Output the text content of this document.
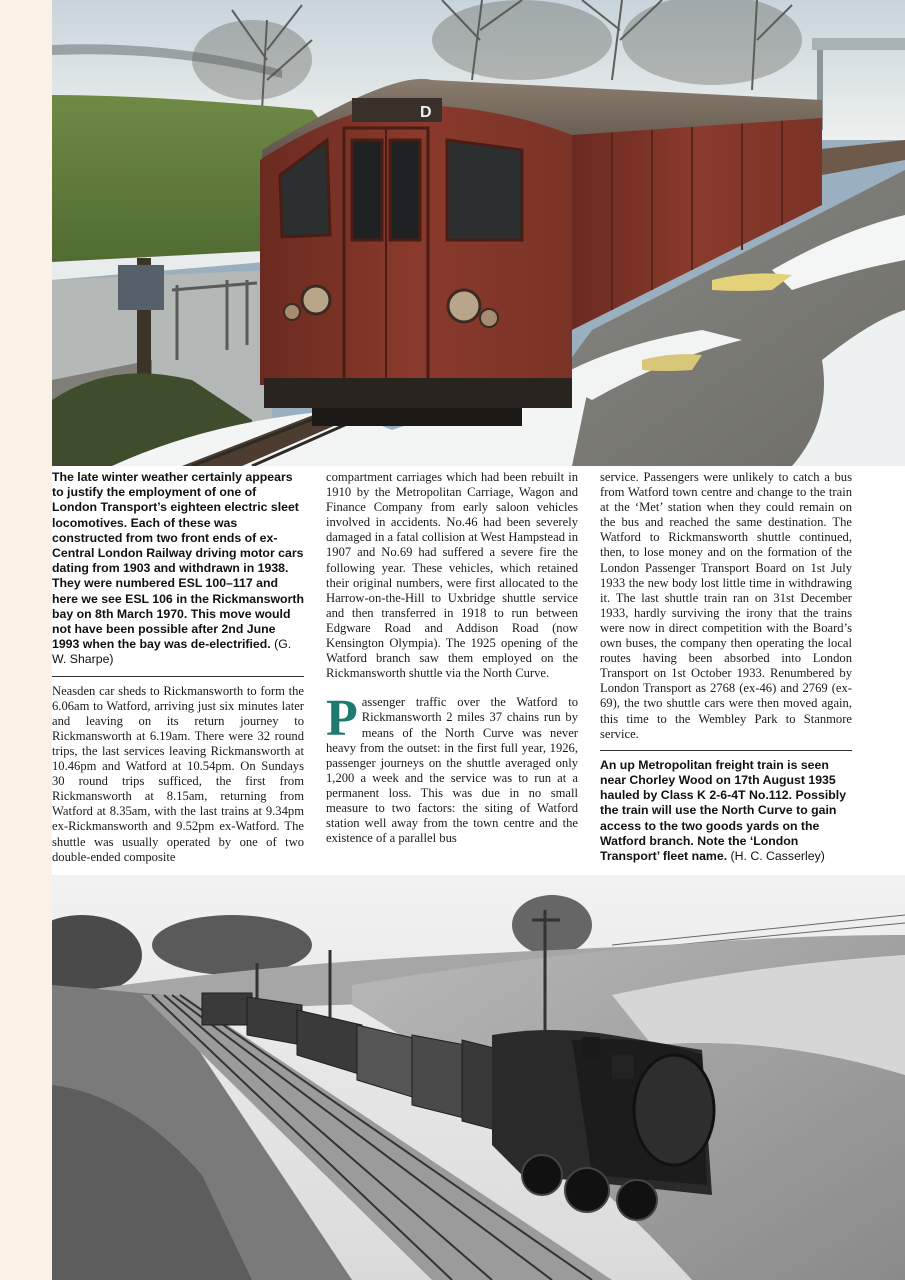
D

The late winter weather certainly appears to justify the employment of one of London Transport’s eighteen electric sleet locomotives. Each of these was constructed from two front ends of ex-Central London Railway driving motor cars dating from 1903 and withdrawn in 1938. They were numbered ESL 100–117 and here we see ESL 106 in the Rickmansworth bay on 8th March 1970. This move would not have been possible after 2nd June 1993 when the bay was de-electrified. (G. W. Sharpe)

Neasden car sheds to Rickmansworth to form the 6.06am to Watford, arriving just six minutes later and leaving on its return journey to Rickmansworth at 6.19am. There were 32 round trips, the last services leaving Rickmansworth at 10.46pm and Watford at 10.54pm. On Sundays 30 round trips sufficed, the first from Rickmansworth at 8.15am, returning from Watford at 8.35am, with the last trains at 9.34pm ex-Rickmansworth and 9.52pm ex-Watford. The shuttle was usually operated by one of two double-ended composite

compartment carriages which had been rebuilt in 1910 by the Metropolitan Carriage, Wagon and Finance Company from early saloon vehicles involved in accidents. No.46 had been severely damaged in a fatal collision at West Hampstead in 1907 and No.69 had suffered a severe fire the following year. These vehicles, which retained their original numbers, were first allocated to the Harrow-on-the-Hill to Uxbridge shuttle service and then transferred in 1918 to run between Edgware Road and Addison Road (now Kensington Olympia). The 1925 opening of the Watford branch saw them employed on the Rickmansworth shuttle via the North Curve.

Passenger traffic over the Watford to Rickmansworth 2 miles 37 chains run by means of the North Curve was never heavy from the outset: in the first full year, 1926, passenger journeys on the shuttle averaged only 1,200 a week and the service was to run at a permanent loss. This was due in no small measure to two factors: the siting of Watford station well away from the town centre and the existence of a parallel bus

service. Passengers were unlikely to catch a bus from Watford town centre and change to the train at the ‘Met’ station when they could remain on the bus and reached the same destination. The Watford to Rickmansworth shuttle continued, then, to lose money and on the formation of the London Passenger Transport Board on 1st July 1933 the new body lost little time in withdrawing it. The last shuttle train ran on 31st December 1933, hardly surviving the irony that the trains were now in direct competition with the Board’s own buses, the company then operating the local routes having been absorbed into London Transport on 1st October 1933. Renumbered by London Transport as 2768 (ex-46) and 2769 (ex-69), the two shuttle cars were then moved again, this time to the Wembley Park to Stanmore service.

An up Metropolitan freight train is seen near Chorley Wood on 17th August 1935 hauled by Class K 2-6-4T No.112. Possibly the train will use the North Curve to gain access to the two goods yards on the Watford branch. Note the ‘London Transport’ fleet name. (H. C. Casserley)
